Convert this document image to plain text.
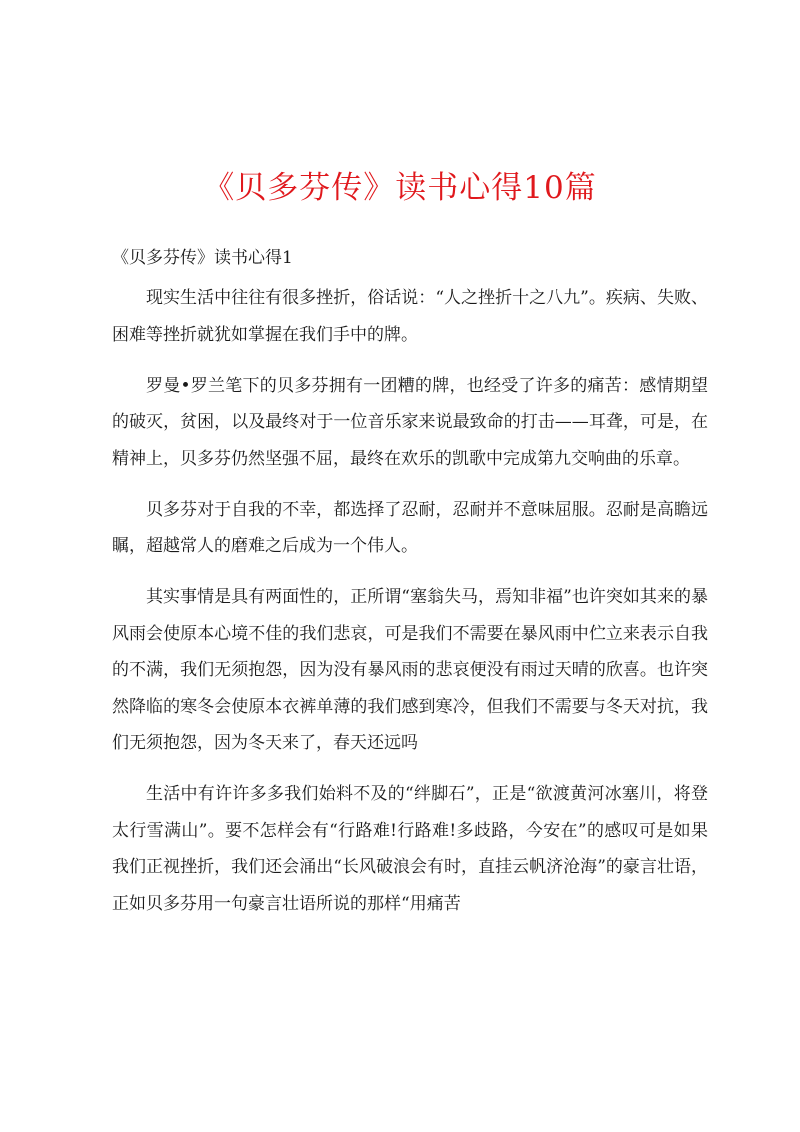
《贝多芬传》读书心得10篇
《贝多芬传》读书心得1

现实生活中往往有很多挫折，俗话说：“人之挫折十之八九”。疾病、失败、困难等挫折就犹如掌握在我们手中的牌。

罗曼•罗兰笔下的贝多芬拥有一团糟的牌，也经受了许多的痛苦：感情期望的破灭，贫困，以及最终对于一位音乐家来说最致命的打击——耳聋，可是，在精神上，贝多芬仍然坚强不屈，最终在欢乐的凯歌中完成第九交响曲的乐章。

贝多芬对于自我的不幸，都选择了忍耐，忍耐并不意味屈服。忍耐是高瞻远瞩，超越常人的磨难之后成为一个伟人。

其实事情是具有两面性的，正所谓“塞翁失马，焉知非福”也许突如其来的暴风雨会使原本心境不佳的我们悲哀，可是我们不需要在暴风雨中伫立来表示自我的不满，我们无须抱怨，因为没有暴风雨的悲哀便没有雨过天晴的欣喜。也许突然降临的寒冬会使原本衣裤单薄的我们感到寒冷，但我们不需要与冬天对抗，我们无须抱怨，因为冬天来了，春天还远吗

生活中有许许多多我们始料不及的“绊脚石”，正是“欲渡黄河冰塞川，将登太行雪满山”。要不怎样会有“行路难!行路难!多歧路，今安在”的感叹可是如果我们正视挫折，我们还会涌出“长风破浪会有时，直挂云帆济沧海”的豪言壮语，正如贝多芬用一句豪言壮语所说的那样“用痛苦
